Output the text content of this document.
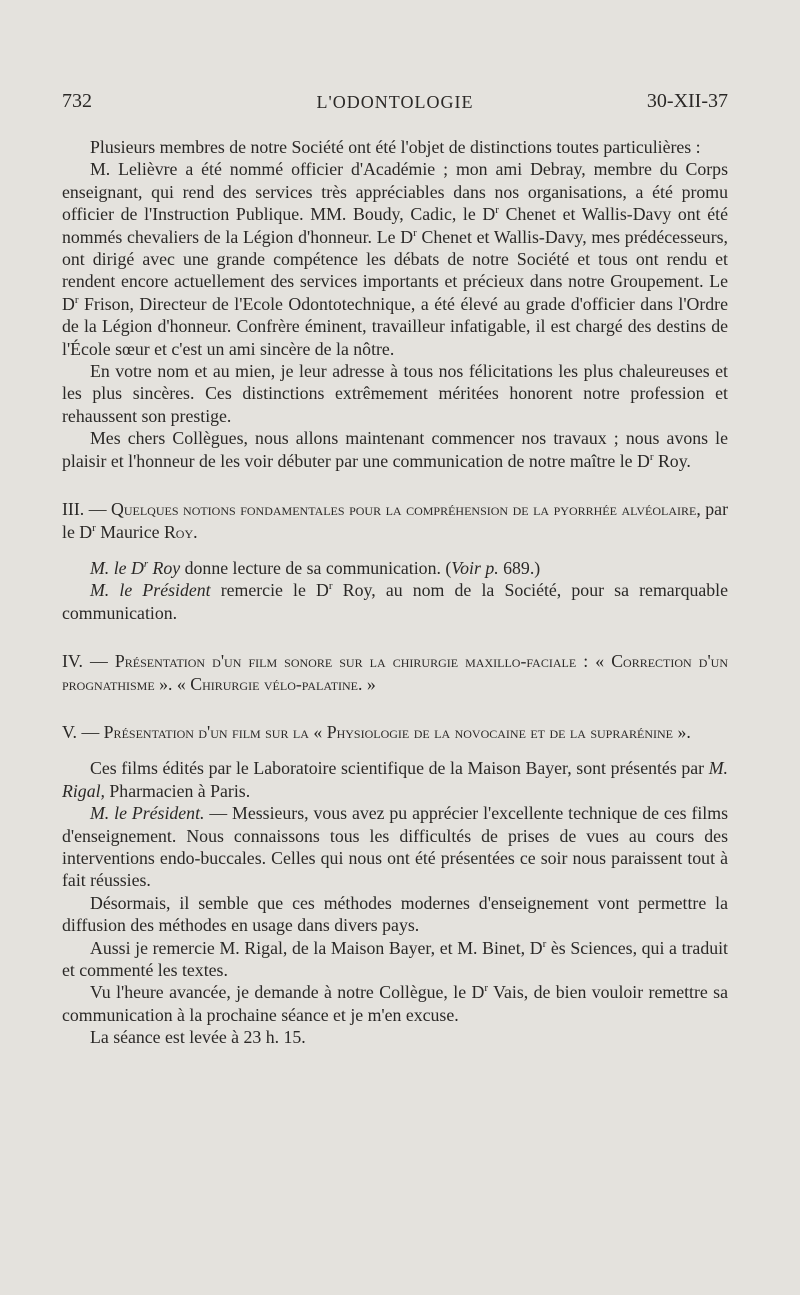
732	L'ODONTOLOGIE	30-XII-37

Plusieurs membres de notre Société ont été l'objet de distinctions toutes particulières :

M. Lelièvre a été nommé officier d'Académie ; mon ami Debray, membre du Corps enseignant, qui rend des services très appréciables dans nos organisations, a été promu officier de l'Instruction Publique. MM. Boudy, Cadic, le $D^r$ Chenet et Wallis-Davy ont été nommés chevaliers de la Légion d'honneur. Le $D^r$ Chenet et Wallis-Davy, mes prédécesseurs, ont dirigé avec une grande compétence les débats de notre Société et tous ont rendu et rendent encore actuellement des services importants et précieux dans notre Groupement. Le $D^r$ Frison, Directeur de l'Ecole Odontotechnique, a été élevé au grade d'officier dans l'Ordre de la Légion d'honneur. Confrère éminent, travailleur infatigable, il est chargé des destins de l'École sœur et c'est un ami sincère de la nôtre.

En votre nom et au mien, je leur adresse à tous nos félicitations les plus chaleureuses et les plus sincères. Ces distinctions extrêmement méritées honorent notre profession et rehaussent son prestige.

Mes chers Collègues, nous allons maintenant commencer nos travaux ; nous avons le plaisir et l'honneur de les voir débuter par une communication de notre maître le $D^r$ Roy.

III. — Quelques notions fondamentales pour la compréhension de la pyorrhée alvéolaire, par le $D^r$ Maurice Roy.

M. le $D^r$ Roy donne lecture de sa communication. (Voir p. 689.)

M. le Président remercie le $D^r$ Roy, au nom de la Société, pour sa remarquable communication.

IV. — Présentation d'un film sonore sur la chirurgie maxillo-faciale : « Correction d'un prognathisme ». « Chirurgie vélo-palatine. »

V. — Présentation d'un film sur la « Physiologie de la novocaine et de la suprarénine ».

Ces films édités par le Laboratoire scientifique de la Maison Bayer, sont présentés par M. Rigal, Pharmacien à Paris.

M. le Président. — Messieurs, vous avez pu apprécier l'excellente technique de ces films d'enseignement. Nous connaissons tous les difficultés de prises de vues au cours des interventions endo-buccales. Celles qui nous ont été présentées ce soir nous paraissent tout à fait réussies.

Désormais, il semble que ces méthodes modernes d'enseignement vont permettre la diffusion des méthodes en usage dans divers pays.

Aussi je remercie M. Rigal, de la Maison Bayer, et M. Binet, $D^r$ ès Sciences, qui a traduit et commenté les textes.

Vu l'heure avancée, je demande à notre Collègue, le $D^r$ Vais, de bien vouloir remettre sa communication à la prochaine séance et je m'en excuse.

La séance est levée à 23 h. 15.
